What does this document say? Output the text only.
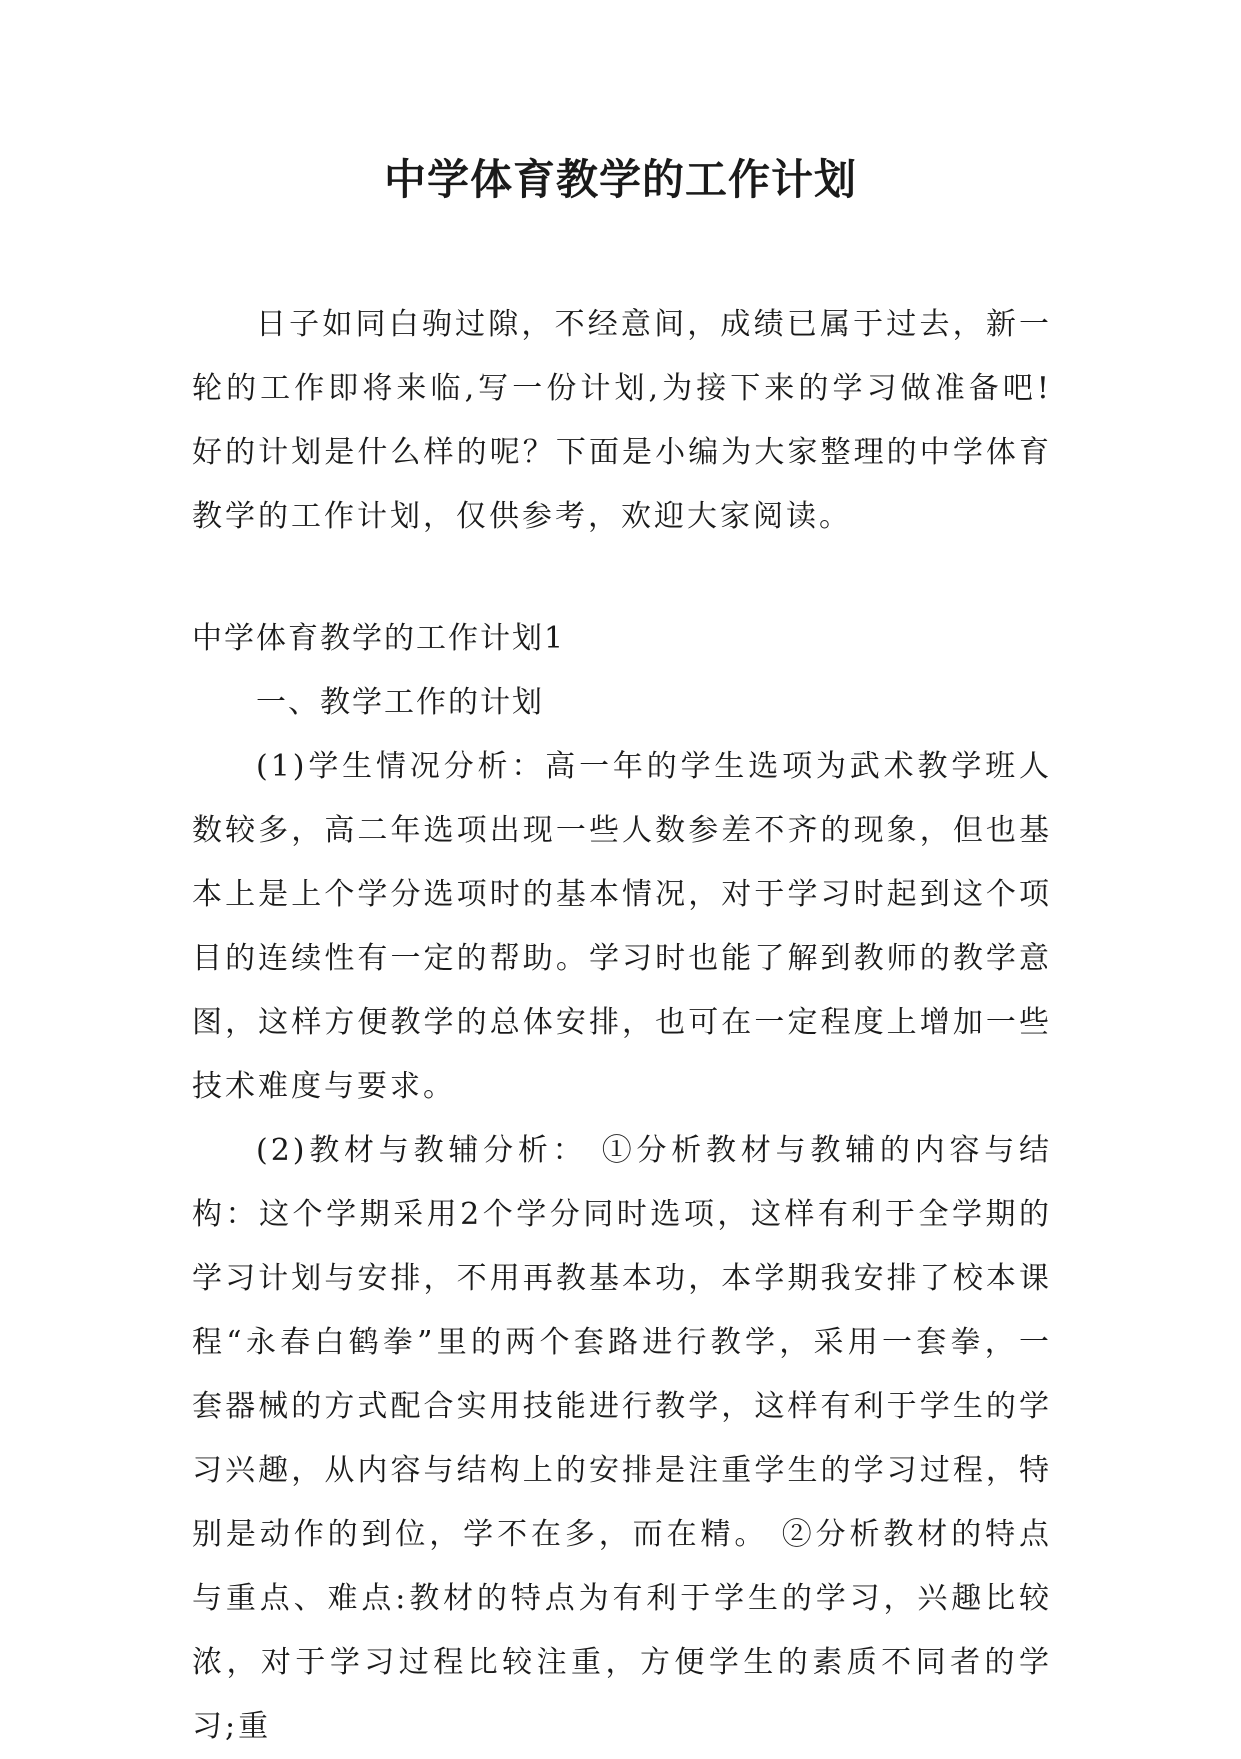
中学体育教学的工作计划

日子如同白驹过隙，不经意间，成绩已属于过去，新一轮的工作即将来临,写一份计划,为接下来的学习做准备吧!好的计划是什么样的呢？下面是小编为大家整理的中学体育教学的工作计划，仅供参考，欢迎大家阅读。

中学体育教学的工作计划1

一、教学工作的计划

(1)学生情况分析：高一年的学生选项为武术教学班人数较多，高二年选项出现一些人数参差不齐的现象，但也基本上是上个学分选项时的基本情况，对于学习时起到这个项目的连续性有一定的帮助。学习时也能了解到教师的教学意图，这样方便教学的总体安排，也可在一定程度上增加一些技术难度与要求。

(2)教材与教辅分析： ①分析教材与教辅的内容与结构：这个学期采用2个学分同时选项，这样有利于全学期的学习计划与安排，不用再教基本功，本学期我安排了校本课程“永春白鹤拳”里的两个套路进行教学，采用一套拳，一套器械的方式配合实用技能进行教学，这样有利于学生的学习兴趣，从内容与结构上的安排是注重学生的学习过程，特别是动作的到位，学不在多，而在精。 ②分析教材的特点与重点、难点:教材的特点为有利于学生的学习，兴趣比较浓，对于学习过程比较注重，方便学生的素质不同者的学习;重
